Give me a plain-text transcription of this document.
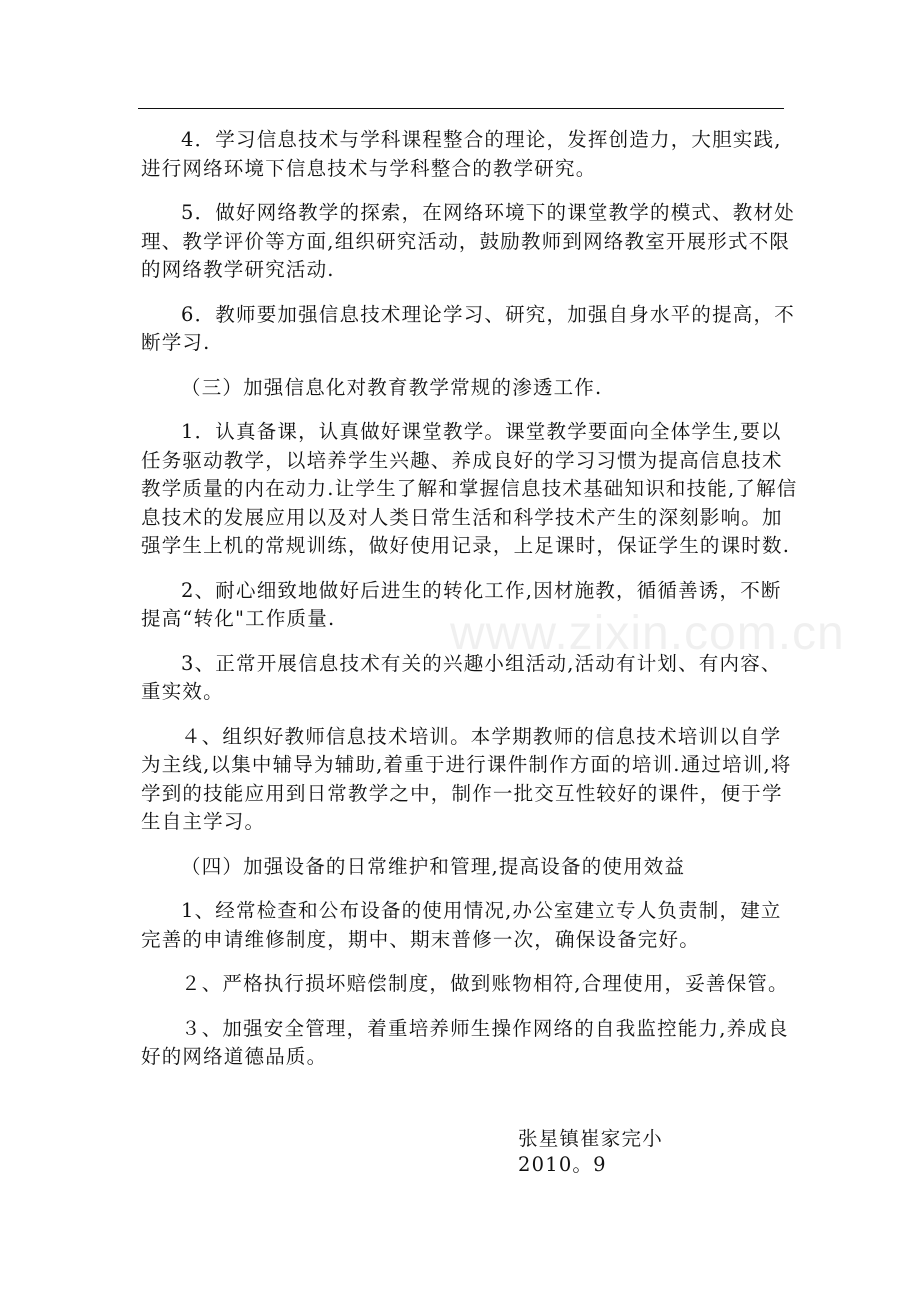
4．学习信息技术与学科课程整合的理论，发挥创造力，大胆实践,进行网络环境下信息技术与学科整合的教学研究。

5．做好网络教学的探索，在网络环境下的课堂教学的模式、教材处理、教学评价等方面,组织研究活动，鼓励教师到网络教室开展形式不限的网络教学研究活动.

6．教师要加强信息技术理论学习、研究，加强自身水平的提高，不断学习.

（三）加强信息化对教育教学常规的渗透工作.

1．认真备课，认真做好课堂教学。课堂教学要面向全体学生,要以任务驱动教学，以培养学生兴趣、养成良好的学习习惯为提高信息技术教学质量的内在动力.让学生了解和掌握信息技术基础知识和技能,了解信息技术的发展应用以及对人类日常生活和科学技术产生的深刻影响。加强学生上机的常规训练，做好使用记录，上足课时，保证学生的课时数.

2、耐心细致地做好后进生的转化工作,因材施教，循循善诱，不断提高“转化"工作质量.

3、正常开展信息技术有关的兴趣小组活动,活动有计划、有内容、重实效。

４、组织好教师信息技术培训。本学期教师的信息技术培训以自学为主线,以集中辅导为辅助,着重于进行课件制作方面的培训.通过培训,将学到的技能应用到日常教学之中，制作一批交互性较好的课件，便于学生自主学习。

（四）加强设备的日常维护和管理,提高设备的使用效益

1、经常检查和公布设备的使用情况,办公室建立专人负责制，建立完善的申请维修制度，期中、期末普修一次，确保设备完好。

２、严格执行损坏赔偿制度，做到账物相符,合理使用，妥善保管。

３、加强安全管理，着重培养师生操作网络的自我监控能力,养成良好的网络道德品质。

张星镇崔家完小
2010。9
www.zixin.com.cn
